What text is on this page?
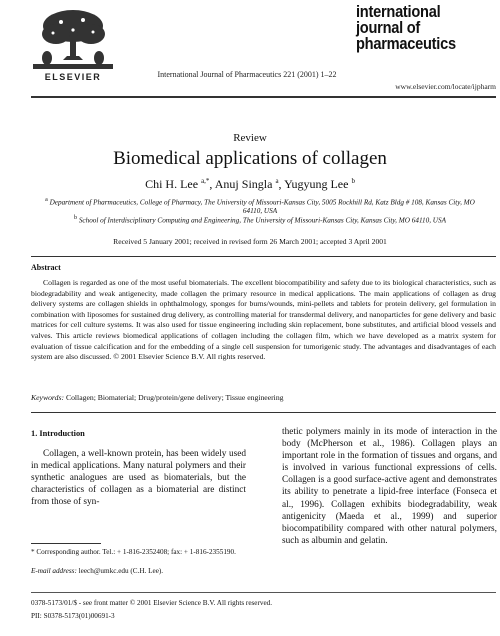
ELSEVIER	International Journal of Pharmaceutics 221 (2001) 1–22
international
journal of
pharmaceutics
www.elsevier.com/locate/ijpharm
Review
Biomedical applications of collagen
Chi H. Lee $^{a,*}$, Anuj Singla $^a$, Yugyung Lee $^b$
$^a$ Department of Pharmaceutics, College of Pharmacy, The University of Missouri-Kansas City, 5005 Rockhill Rd, Katz Bldg # 108, Kansas City, MO 64110, USA
$^b$ School of Interdisciplinary Computing and Engineering, The University of Missouri-Kansas City, Kansas City, MO 64110, USA
Received 5 January 2001; received in revised form 26 March 2001; accepted 3 April 2001
Abstract
Collagen is regarded as one of the most useful biomaterials. The excellent biocompatibility and safety due to its biological characteristics, such as biodegradability and weak antigenecity, made collagen the primary resource in medical applications. The main applications of collagen as drug delivery systems are collagen shields in ophthalmology, sponges for burns/wounds, mini-pellets and tablets for protein delivery, gel formulation in combination with liposomes for sustained drug delivery, as controlling material for transdermal delivery, and nanoparticles for gene delivery and basic matrices for cell culture systems. It was also used for tissue engineering including skin replacement, bone substitutes, and artificial blood vessels and valves. This article reviews biomedical applications of collagen including the collagen film, which we have developed as a matrix system for evaluation of tissue calcification and for the embedding of a single cell suspension for tumorigenic study. The advantages and disadvantages of each system are also discussed. © 2001 Elsevier Science B.V. All rights reserved.
Keywords: Collagen; Biomaterial; Drug/protein/gene delivery; Tissue engineering
1. Introduction

Collagen, a well-known protein, has been widely used in medical applications. Many natural polymers and their synthetic analogues are used as biomaterials, but the characteristics of collagen as a biomaterial are distinct from those of syn-

thetic polymers mainly in its mode of interaction in the body (McPherson et al., 1986). Collagen plays an important role in the formation of tissues and organs, and is involved in various functional expressions of cells. Collagen is a good surface-active agent and demonstrates its ability to penetrate a lipid-free interface (Fonseca et al., 1996). Collagen exhibits biodegradability, weak antigenicity (Maeda et al., 1999) and superior biocompatibility compared with other natural polymers, such as albumin and gelatin.

* Corresponding author. Tel.: + 1-816-2352408; fax: + 1-816-2355190.
E-mail address: leech@umkc.edu (C.H. Lee).
0378-5173/01/$ - see front matter © 2001 Elsevier Science B.V. All rights reserved.
PII: S0378-5173(01)00691-3
